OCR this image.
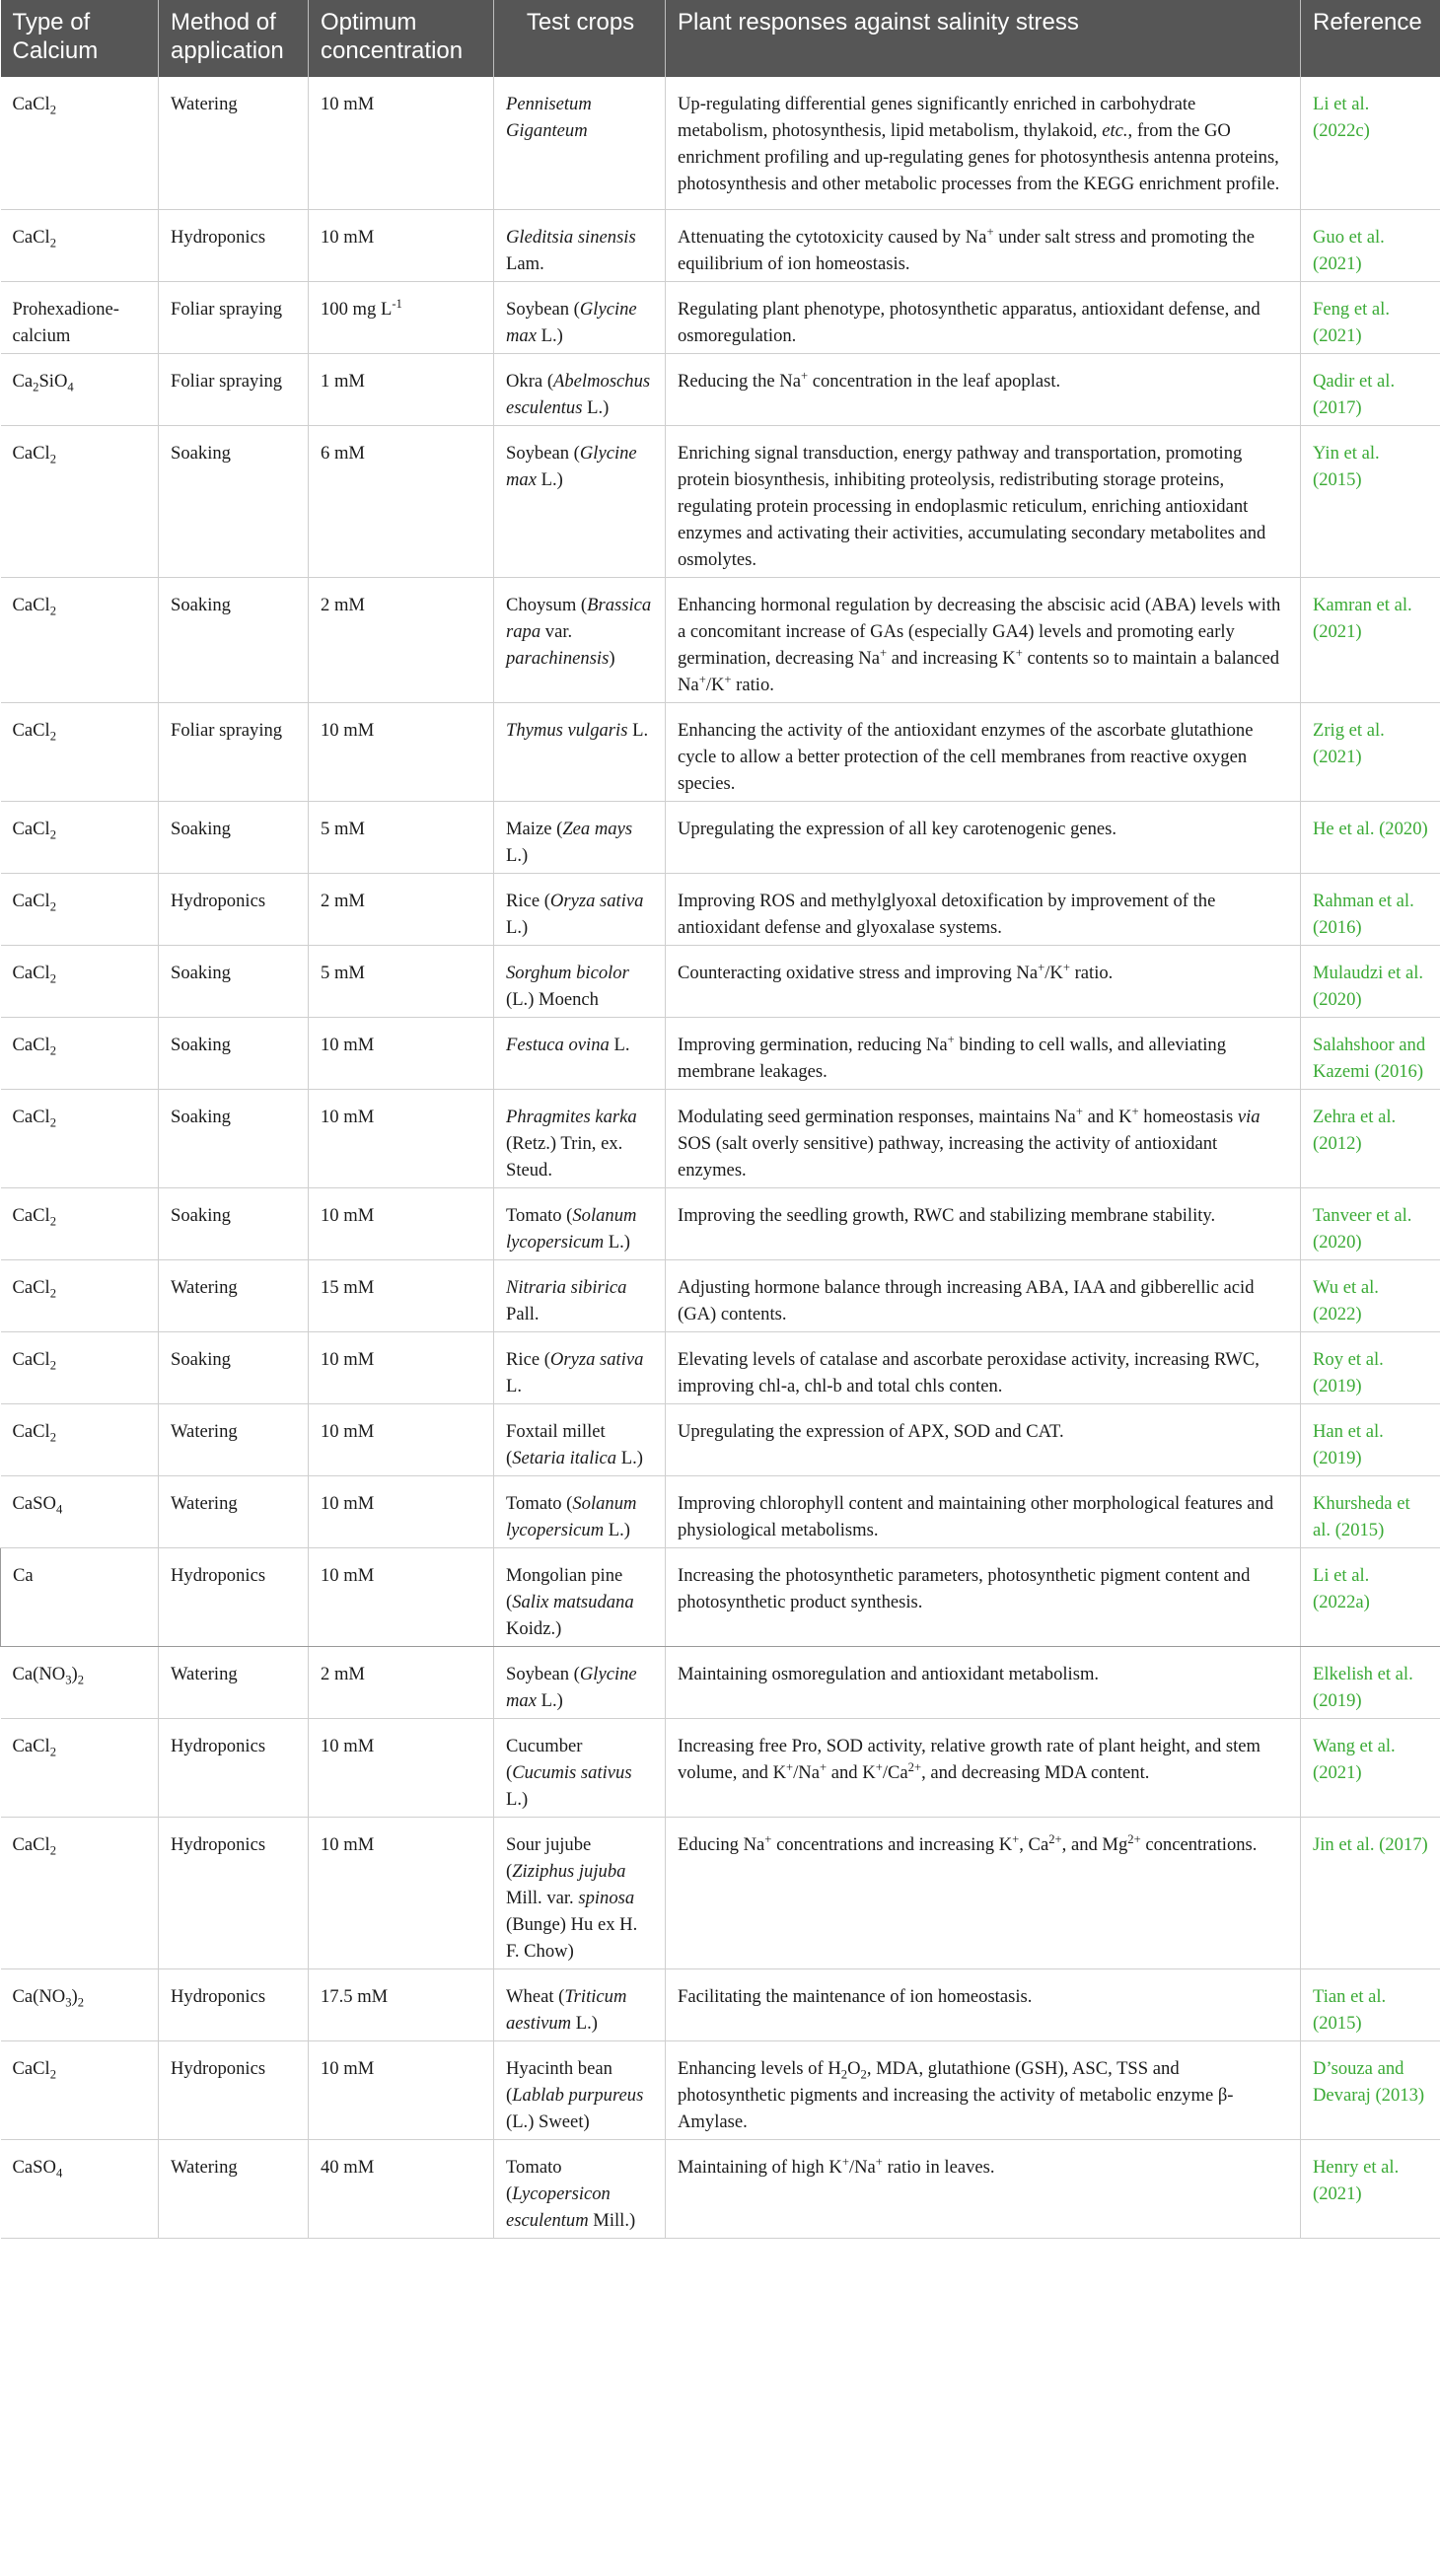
Type of Calcium	Method of application	Optimum concentration	Test crops	Plant responses against salinity stress	Reference
CaCl$_2$	Watering	10 mM	Pennisetum Giganteum	Up-regulating differential genes significantly enriched in carbohydrate metabolism, photosynthesis, lipid metabolism, thylakoid, etc., from the GO enrichment profiling and up-regulating genes for photosynthesis antenna proteins, photosynthesis and other metabolic processes from the KEGG enrichment profile.	Li et al. (2022c)
CaCl$_2$	Hydroponics	10 mM	Gleditsia sinensis Lam.	Attenuating the cytotoxicity caused by Na+ under salt stress and promoting the equilibrium of ion homeostasis.	Guo et al. (2021)
Prohexadione-calcium	Foliar spraying	100 mg $L^{-1}$	Soybean (Glycine max L.)	Regulating plant phenotype, photosynthetic apparatus, antioxidant defense, and osmoregulation.	Feng et al. (2021)
$Ca_2SiO_4$	Foliar spraying	1 mM	Okra (Abelmoschus esculentus L.)	Reducing the Na+ concentration in the leaf apoplast.	Qadir et al. (2017)
CaCl$_2$	Soaking	6 mM	Soybean (Glycine max L.)	Enriching signal transduction, energy pathway and transportation, promoting protein biosynthesis, inhibiting proteolysis, redistributing storage proteins, regulating protein processing in endoplasmic reticulum, enriching antioxidant enzymes and activating their activities, accumulating secondary metabolites and osmolytes.	Yin et al. (2015)
CaCl$_2$	Soaking	2 mM	Choysum (Brassica rapa var. parachinensis)	Enhancing hormonal regulation by decreasing the abscisic acid (ABA) levels with a concomitant increase of GAs (especially GA4) levels and promoting early germination, decreasing Na+ and increasing K+ contents so to maintain a balanced Na+/K+ ratio.	Kamran et al. (2021)
CaCl$_2$	Foliar spraying	10 mM	Thymus vulgaris L.	Enhancing the activity of the antioxidant enzymes of the ascorbate glutathione cycle to allow a better protection of the cell membranes from reactive oxygen species.	Zrig et al. (2021)
CaCl$_2$	Soaking	5 mM	Maize (Zea mays L.)	Upregulating the expression of all key carotenogenic genes.	He et al. (2020)
CaCl$_2$	Hydroponics	2 mM	Rice (Oryza sativa L.)	Improving ROS and methylglyoxal detoxification by improvement of the antioxidant defense and glyoxalase systems.	Rahman et al. (2016)
CaCl$_2$	Soaking	5 mM	Sorghum bicolor (L.) Moench	Counteracting oxidative stress and improving Na+/K+ ratio.	Mulaudzi et al. (2020)
CaCl$_2$	Soaking	10 mM	Festuca ovina L.	Improving germination, reducing Na+ binding to cell walls, and alleviating membrane leakages.	Salahshoor and Kazemi (2016)
CaCl$_2$	Soaking	10 mM	Phragmites karka (Retz.) Trin, ex. Steud.	Modulating seed germination responses, maintains Na+ and K+ homeostasis via SOS (salt overly sensitive) pathway, increasing the activity of antioxidant enzymes.	Zehra et al. (2012)
CaCl$_2$	Soaking	10 mM	Tomato (Solanum lycopersicum L.)	Improving the seedling growth, RWC and stabilizing membrane stability.	Tanveer et al. (2020)
CaCl$_2$	Watering	15 mM	Nitraria sibirica Pall.	Adjusting hormone balance through increasing ABA, IAA and gibberellic acid (GA) contents.	Wu et al. (2022)
CaCl$_2$	Soaking	10 mM	Rice (Oryza sativa L.	Elevating levels of catalase and ascorbate peroxidase activity, increasing RWC, improving chl-a, chl-b and total chls conten.	Roy et al. (2019)
CaCl$_2$	Watering	10 mM	Foxtail millet (Setaria italica L.)	Upregulating the expression of APX, SOD and CAT.	Han et al. (2019)
CaSO$_4$	Watering	10 mM	Tomato (Solanum lycopersicum L.)	Improving chlorophyll content and maintaining other morphological features and physiological metabolisms.	Khursheda et al. (2015)
Ca	Hydroponics	10 mM	Mongolian pine (Salix matsudana Koidz.)	Increasing the photosynthetic parameters, photosynthetic pigment content and photosynthetic product synthesis.	Li et al. (2022a)
$Ca(NO_3)_2$	Watering	2 mM	Soybean (Glycine max L.)	Maintaining osmoregulation and antioxidant metabolism.	Elkelish et al. (2019)
CaCl$_2$	Hydroponics	10 mM	Cucumber (Cucumis sativus L.)	Increasing free Pro, SOD activity, relative growth rate of plant height, and stem volume, and K+/Na+ and $K^+/Ca^{2+}$, and decreasing MDA content.	Wang et al. (2021)
CaCl$_2$	Hydroponics	10 mM	Sour jujube (Ziziphus jujuba Mill. var. spinosa (Bunge) Hu ex H. F. Chow)	Educing Na+ concentrations and increasing K+, $Ca^{2+}$, and $Mg^{2+}$ concentrations.	Jin et al. (2017)
$Ca(NO_3)_2$	Hydroponics	17.5 mM	Wheat (Triticum aestivum L.)	Facilitating the maintenance of ion homeostasis.	Tian et al. (2015)
CaCl$_2$	Hydroponics	10 mM	Hyacinth bean (Lablab purpureus (L.) Sweet)	Enhancing levels of $H_2O_2$, MDA, glutathione (GSH), ASC, TSS and photosynthetic pigments and increasing the activity of metabolic enzyme β-Amylase.	D’souza and Devaraj (2013)
CaSO$_4$	Watering	40 mM	Tomato (Lycopersicon esculentum Mill.)	Maintaining of high K+/Na+ ratio in leaves.	Henry et al. (2021)
